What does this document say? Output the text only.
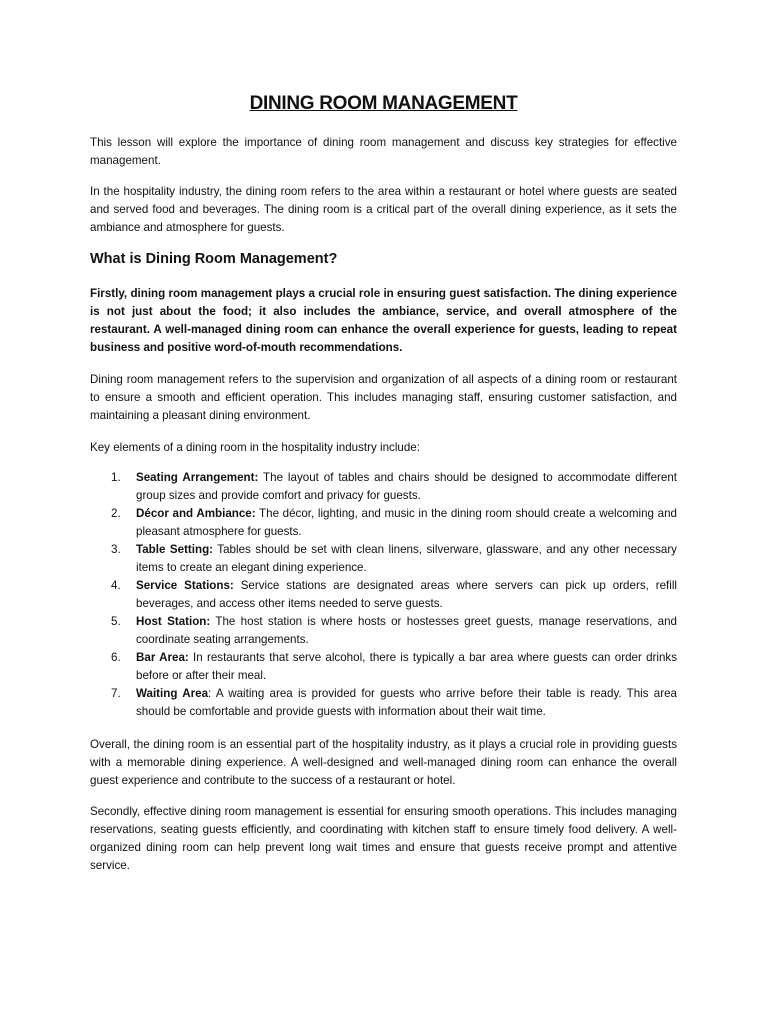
DINING ROOM MANAGEMENT

This lesson will explore the importance of dining room management and discuss key strategies for effective management.

In the hospitality industry, the dining room refers to the area within a restaurant or hotel where guests are seated and served food and beverages. The dining room is a critical part of the overall dining experience, as it sets the ambiance and atmosphere for guests.

What is Dining Room Management?

Firstly, dining room management plays a crucial role in ensuring guest satisfaction. The dining experience is not just about the food; it also includes the ambiance, service, and overall atmosphere of the restaurant. A well-managed dining room can enhance the overall experience for guests, leading to repeat business and positive word-of-mouth recommendations.

Dining room management refers to the supervision and organization of all aspects of a dining room or restaurant to ensure a smooth and efficient operation. This includes managing staff, ensuring customer satisfaction, and maintaining a pleasant dining environment.

Key elements of a dining room in the hospitality industry include:

1. Seating Arrangement: The layout of tables and chairs should be designed to accommodate different group sizes and provide comfort and privacy for guests.
2. Décor and Ambiance: The décor, lighting, and music in the dining room should create a welcoming and pleasant atmosphere for guests.
3. Table Setting: Tables should be set with clean linens, silverware, glassware, and any other necessary items to create an elegant dining experience.
4. Service Stations: Service stations are designated areas where servers can pick up orders, refill beverages, and access other items needed to serve guests.
5. Host Station: The host station is where hosts or hostesses greet guests, manage reservations, and coordinate seating arrangements.
6. Bar Area: In restaurants that serve alcohol, there is typically a bar area where guests can order drinks before or after their meal.
7. Waiting Area: A waiting area is provided for guests who arrive before their table is ready. This area should be comfortable and provide guests with information about their wait time.

Overall, the dining room is an essential part of the hospitality industry, as it plays a crucial role in providing guests with a memorable dining experience. A well-designed and well-managed dining room can enhance the overall guest experience and contribute to the success of a restaurant or hotel.

Secondly, effective dining room management is essential for ensuring smooth operations. This includes managing reservations, seating guests efficiently, and coordinating with kitchen staff to ensure timely food delivery. A well-organized dining room can help prevent long wait times and ensure that guests receive prompt and attentive service.
